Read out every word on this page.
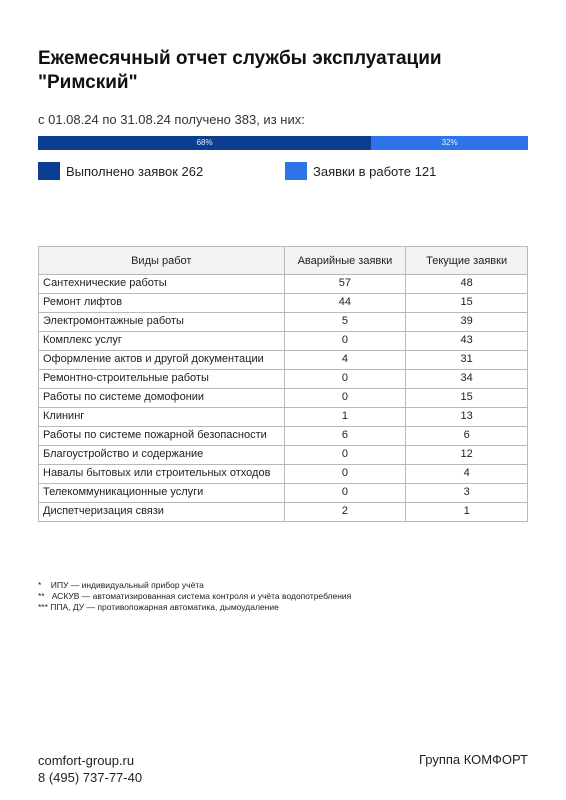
Ежемесячный отчет службы эксплуатации "Римский"
с 01.08.24 по 31.08.24 получено 383, из них:
68%	32%
Выполнено заявок 262	Заявки в работе 121
Виды работ	Аварийные заявки	Текущие заявки
Сантехнические работы	57	48
Ремонт лифтов	44	15
Электромонтажные работы	5	39
Комплекс услуг	0	43
Оформление актов и другой документации	4	31
Ремонтно-строительные работы	0	34
Работы по системе домофонии	0	15
Клининг	1	13
Работы по системе пожарной безопасности	6	6
Благоустройство и содержание	0	12
Навалы бытовых или строительных отходов	0	4
Телекоммуникационные услуги	0	3
Диспетчеризация связи	2	1
*    ИПУ — индивидуальный прибор учёта
**   АСКУВ — автоматизированная система контроля и учёта водопотребления
*** ППА, ДУ — противопожарная автоматика, дымоудаление
comfort-group.ru
8 (495) 737-77-40
Группа КОМФОРТ
